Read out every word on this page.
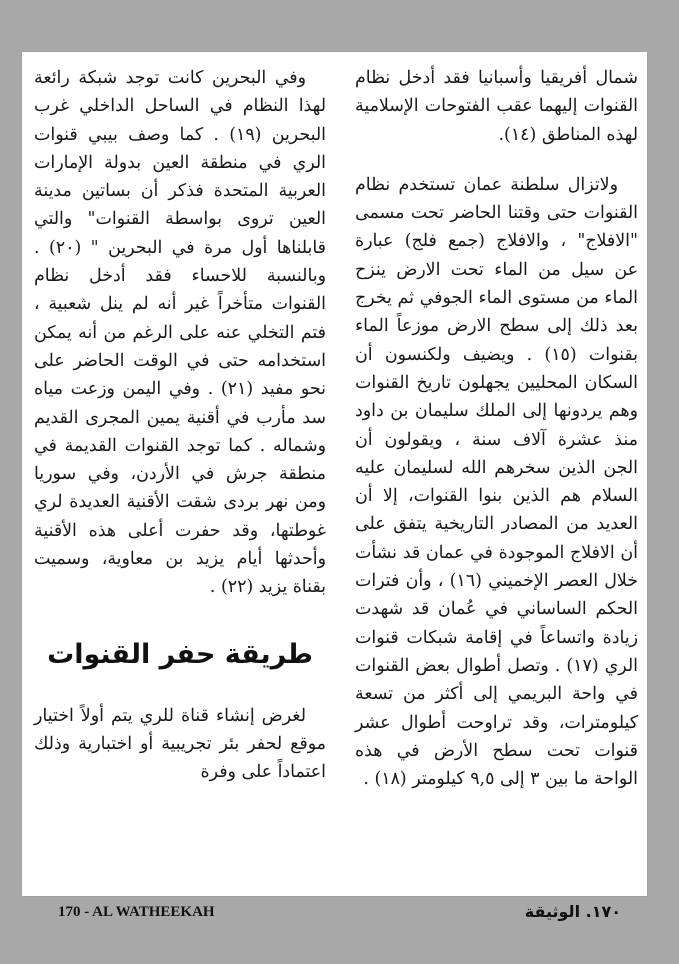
شمال أفريقيا وأسبانيا فقد أدخل نظام القنوات إليهما عقب الفتوحات الإسلامية لهذه المناطق (١٤).

ولاتزال سلطنة عمان تستخدم نظام القنوات حتى وقتنا الحاضر تحت مسمى "الافلاج" ، والافلاج (جمع فلج) عبارة عن سيل من الماء تحت الارض ينزح الماء من مستوى الماء الجوفي ثم يخرج بعد ذلك إلى سطح الارض موزعاً الماء بقنوات (١٥) . ويضيف ولكنسون أن السكان المحليين يجهلون تاريخ القنوات وهم يردونها إلى الملك سليمان بن داود منذ عشرة آلاف سنة ، ويقولون أن الجن الذين سخرهم الله لسليمان عليه السلام هم الذين بنوا القنوات، إلا أن العديد من المصادر التاريخية يتفق على أن الافلاج الموجودة في عمان قد نشأت خلال العصر الإخميني (١٦) ، وأن فترات الحكم الساساني في عُمان قد شهدت زيادة واتساعاً في إقامة شبكات قنوات الري (١٧) . وتصل أطوال بعض القنوات في واحة البريمي إلى أكثر من تسعة كيلومترات، وقد تراوحت أطوال عشر قنوات تحت سطح الأرض في هذه الواحة ما بين ٣ إلى ٩,٥ كيلومتر (١٨) .

وفي البحرين كانت توجد شبكة رائعة لهذا النظام في الساحل الداخلي غرب البحرين (١٩) . كما وصف بيبي قنوات الري في منطقة العين بدولة الإمارات العربية المتحدة فذكر أن بساتين مدينة العين تروى بواسطة القنوات" والتي قابلناها أول مرة في البحرين " (٢٠) . وبالنسبة للاحساء فقد أدخل نظام القنوات متأخراً غير أنه لم ينل شعبية ، فتم التخلي عنه على الرغم من أنه يمكن استخدامه حتى في الوقت الحاضر على نحو مفيد (٢١) . وفي اليمن وزعت مياه سد مأرب في أقنية يمين المجرى القديم وشماله . كما توجد القنوات القديمة في منطقة جرش في الأردن، وفي سوريا ومن نهر بردى شقت الأقنية العديدة لري غوطتها، وقد حفرت أعلى هذه الأقنية وأحدثها أيام يزيد بن معاوية، وسميت بقناة يزيد (٢٢) .

طريقة حفر القنوات

لغرض إنشاء قناة للري يتم أولاً اختيار موقع لحفر بئر تجريبية أو اختبارية وذلك اعتماداً على وفرة

170 - AL WATHEEKAH	١٧٠. الوثيقة
